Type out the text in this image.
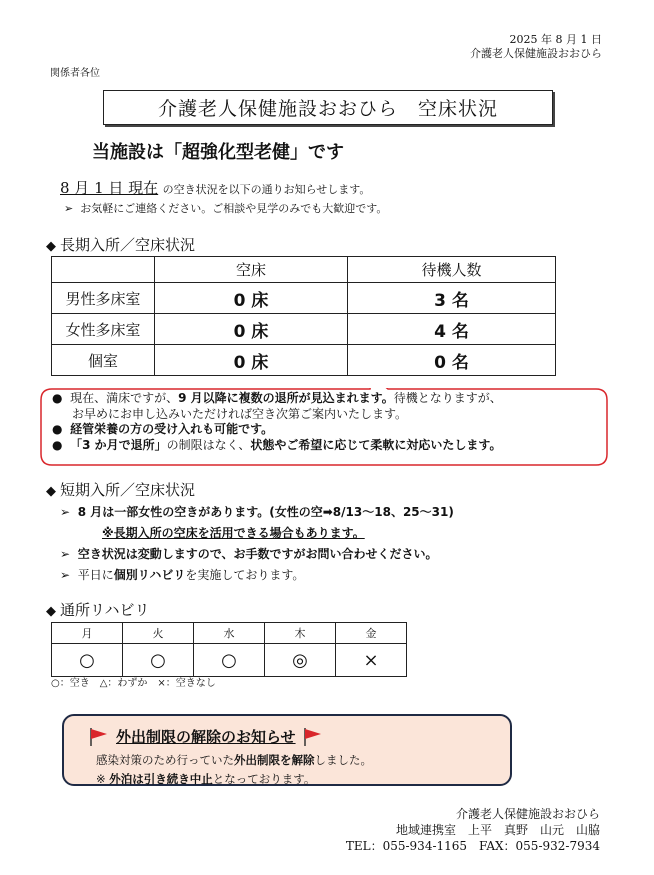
2025 年 8 月 1 日
介護老人保健施設おおひら
関係者各位
介護老人保健施設おおひら　空床状況
当施設は「超強化型老健」です
8 月 1 日 現在 の空き状況を以下の通りお知らせします。
➢ お気軽にご連絡ください。ご相談や見学のみでも大歓迎です。
◆ 長期入所／空床状況
	空床	待機人数
男性多床室	0 床	3 名
女性多床室	0 床	4 名
個室	0 床	0 名
● 現在、満床ですが、9 月以降に複数の退所が見込まれます。待機となりますが、
お早めにお申し込みいただければ空き次第ご案内いたします。
● 経管栄養の方の受け入れも可能です。
● 「3 か月で退所」の制限はなく、状態やご希望に応じて柔軟に対応いたします。
◆ 短期入所／空床状況
➢ 8 月は一部女性の空きがあります。(女性の空➡8/13～18、25～31)
※長期入所の空床を活用できる場合もあります。
➢ 空き状況は変動しますので、お手数ですがお問い合わせください。
➢ 平日に個別リハビリを実施しております。
◆ 通所リハビリ
月	火	水	木	金
○	○	○	◎	×
○：空き　△：わずか　×：空きなし
外出制限の解除のお知らせ
感染対策のため行っていた外出制限を解除しました。
※ 外泊は引き続き中止となっております。
介護老人保健施設おおひら
地域連携室　上平　真野　山元　山脇
TEL：055-934-1165　FAX：055-932-7934
